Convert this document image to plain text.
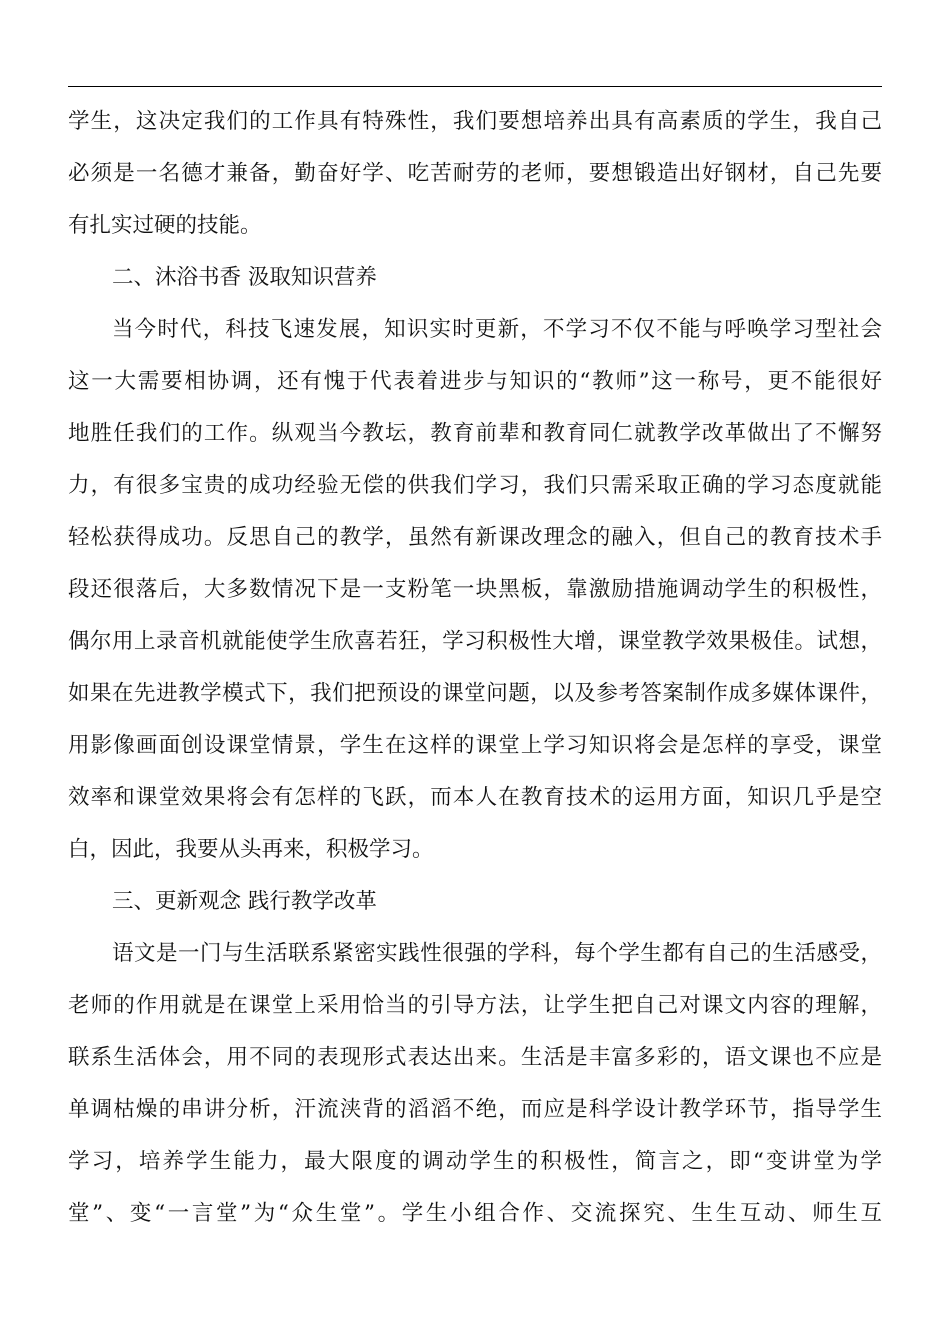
学生，这决定我们的工作具有特殊性，我们要想培养出具有高素质的学生，我自己
必须是一名德才兼备，勤奋好学、吃苦耐劳的老师，要想锻造出好钢材，自己先要
有扎实过硬的技能。
二、沐浴书香 汲取知识营养
当今时代，科技飞速发展，知识实时更新，不学习不仅不能与呼唤学习型社会
这一大需要相协调，还有愧于代表着进步与知识的“教师”这一称号，更不能很好
地胜任我们的工作。纵观当今教坛，教育前辈和教育同仁就教学改革做出了不懈努
力，有很多宝贵的成功经验无偿的供我们学习，我们只需采取正确的学习态度就能
轻松获得成功。反思自己的教学，虽然有新课改理念的融入，但自己的教育技术手
段还很落后，大多数情况下是一支粉笔一块黑板，靠激励措施调动学生的积极性，
偶尔用上录音机就能使学生欣喜若狂，学习积极性大增，课堂教学效果极佳。试想，
如果在先进教学模式下，我们把预设的课堂问题，以及参考答案制作成多媒体课件，
用影像画面创设课堂情景，学生在这样的课堂上学习知识将会是怎样的享受，课堂
效率和课堂效果将会有怎样的飞跃，而本人在教育技术的运用方面，知识几乎是空
白，因此，我要从头再来，积极学习。
三、更新观念 践行教学改革
语文是一门与生活联系紧密实践性很强的学科，每个学生都有自己的生活感受，
老师的作用就是在课堂上采用恰当的引导方法，让学生把自己对课文内容的理解，
联系生活体会，用不同的表现形式表达出来。生活是丰富多彩的，语文课也不应是
单调枯燥的串讲分析，汗流浃背的滔滔不绝，而应是科学设计教学环节，指导学生
学习，培养学生能力，最大限度的调动学生的积极性，简言之，即“变讲堂为学
堂”、变“一言堂”为“众生堂”。学生小组合作、交流探究、生生互动、师生互
